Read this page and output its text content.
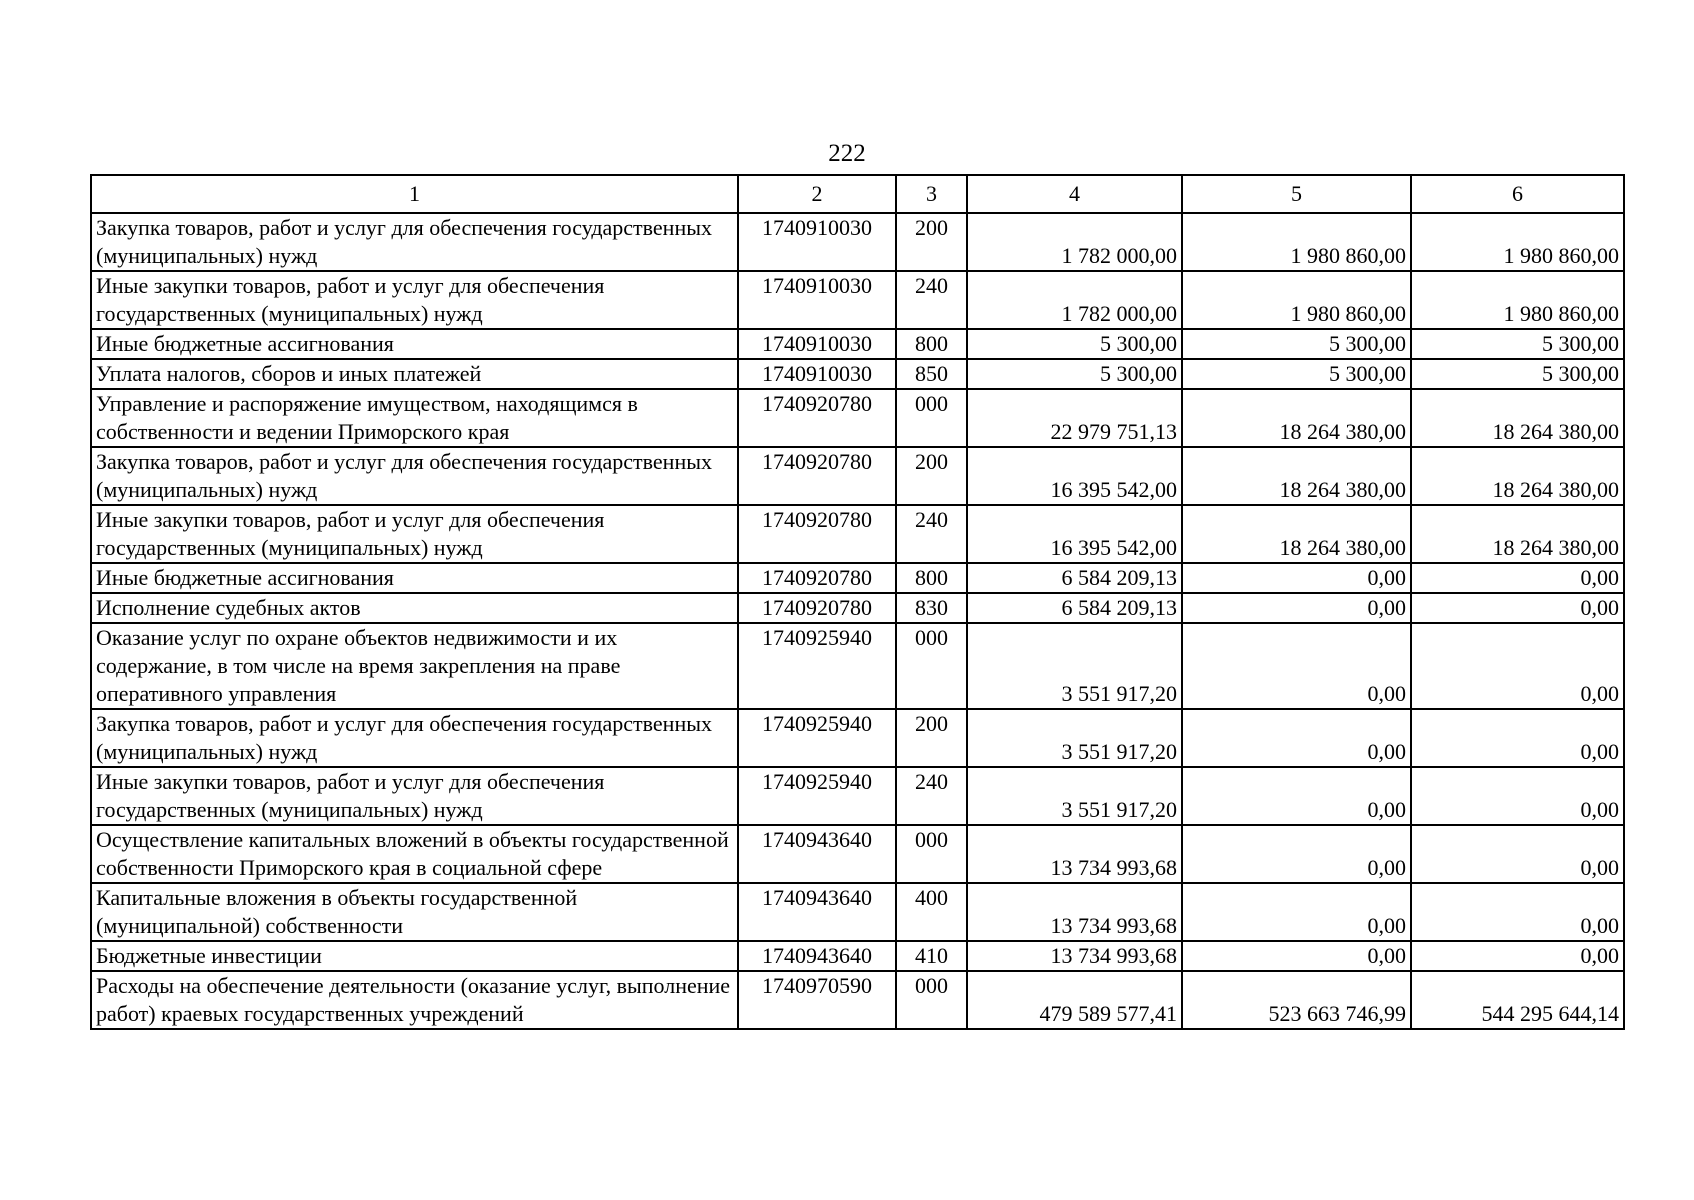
222
1	2	3	4	5	6
Закупка товаров, работ и услуг для обеспечения государственных (муниципальных) нужд	1740910030	200	1 782 000,00	1 980 860,00	1 980 860,00
Иные закупки товаров, работ и услуг для обеспечения государственных (муниципальных) нужд	1740910030	240	1 782 000,00	1 980 860,00	1 980 860,00
Иные бюджетные ассигнования	1740910030	800	5 300,00	5 300,00	5 300,00
Уплата налогов, сборов и иных платежей	1740910030	850	5 300,00	5 300,00	5 300,00
Управление и распоряжение имуществом, находящимся в собственности и ведении Приморского края	1740920780	000	22 979 751,13	18 264 380,00	18 264 380,00
Закупка товаров, работ и услуг для обеспечения государственных (муниципальных) нужд	1740920780	200	16 395 542,00	18 264 380,00	18 264 380,00
Иные закупки товаров, работ и услуг для обеспечения государственных (муниципальных) нужд	1740920780	240	16 395 542,00	18 264 380,00	18 264 380,00
Иные бюджетные ассигнования	1740920780	800	6 584 209,13	0,00	0,00
Исполнение судебных актов	1740920780	830	6 584 209,13	0,00	0,00
Оказание услуг по охране объектов недвижимости и их содержание, в том числе на время закрепления на праве оперативного управления	1740925940	000	3 551 917,20	0,00	0,00
Закупка товаров, работ и услуг для обеспечения государственных (муниципальных) нужд	1740925940	200	3 551 917,20	0,00	0,00
Иные закупки товаров, работ и услуг для обеспечения государственных (муниципальных) нужд	1740925940	240	3 551 917,20	0,00	0,00
Осуществление капитальных вложений в объекты государственной собственности Приморского края в социальной сфере	1740943640	000	13 734 993,68	0,00	0,00
Капитальные вложения в объекты государственной (муниципальной) собственности	1740943640	400	13 734 993,68	0,00	0,00
Бюджетные инвестиции	1740943640	410	13 734 993,68	0,00	0,00
Расходы на обеспечение деятельности (оказание услуг, выполнение работ) краевых государственных учреждений	1740970590	000	479 589 577,41	523 663 746,99	544 295 644,14
